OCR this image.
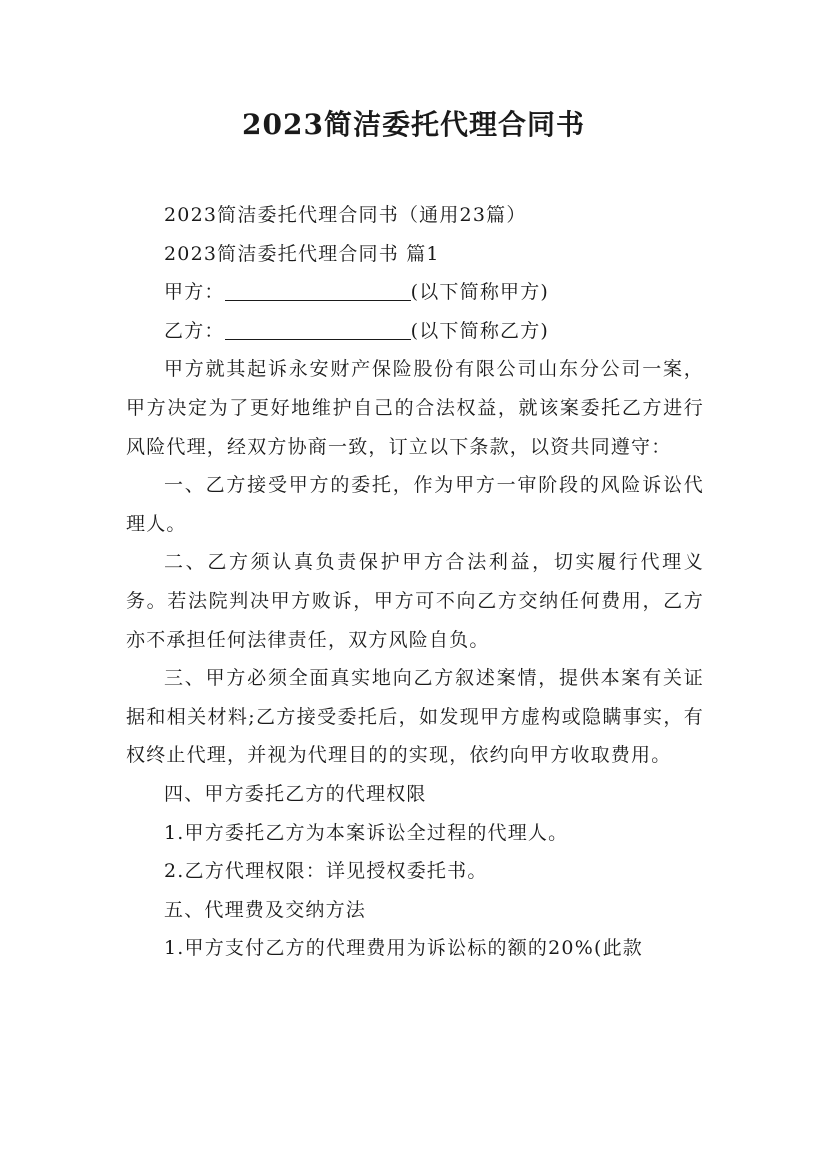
2023简洁委托代理合同书

2023简洁委托代理合同书（通用23篇）

2023简洁委托代理合同书 篇1

甲方：	(以下简称甲方)

乙方：	(以下简称乙方)

甲方就其起诉永安财产保险股份有限公司山东分公司一案，甲方决定为了更好地维护自己的合法权益，就该案委托乙方进行风险代理，经双方协商一致，订立以下条款，以资共同遵守：

一、乙方接受甲方的委托，作为甲方一审阶段的风险诉讼代理人。

二、乙方须认真负责保护甲方合法利益，切实履行代理义务。若法院判决甲方败诉，甲方可不向乙方交纳任何费用，乙方亦不承担任何法律责任，双方风险自负。

三、甲方必须全面真实地向乙方叙述案情，提供本案有关证据和相关材料;乙方接受委托后，如发现甲方虚构或隐瞒事实，有权终止代理，并视为代理目的的实现，依约向甲方收取费用。

四、甲方委托乙方的代理权限

1.甲方委托乙方为本案诉讼全过程的代理人。

2.乙方代理权限：详见授权委托书。

五、代理费及交纳方法

1.甲方支付乙方的代理费用为诉讼标的额的20%(此款
